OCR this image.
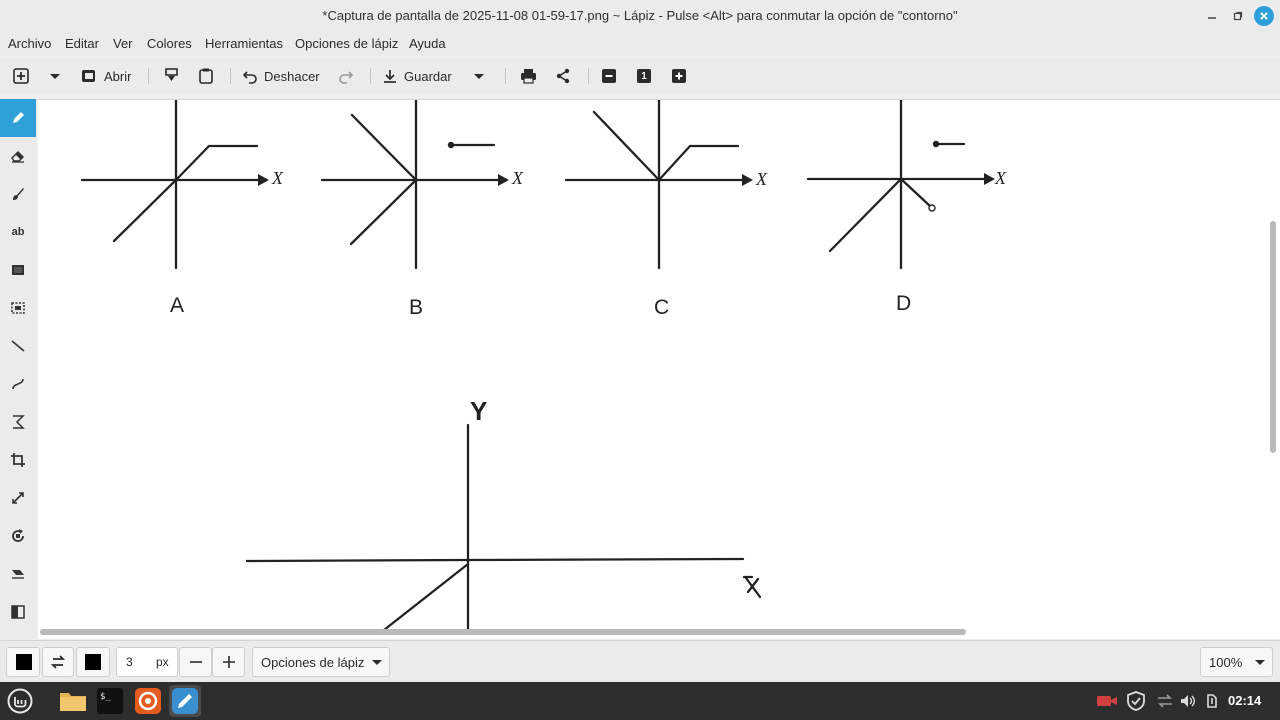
*Captura de pantalla de 2025-11-08 01-59-17.png ~ Lápiz - Pulse <Alt> para conmutar la opción de "contorno"
Archivo Editar Ver Colores Herramientas Opciones de lápiz Ayuda
Abrir	Deshacer	Guardar	1
ab
X	X	X	X
A	B	C	D
Y
3 px	Opciones de lápiz	100%
$_	02:14
